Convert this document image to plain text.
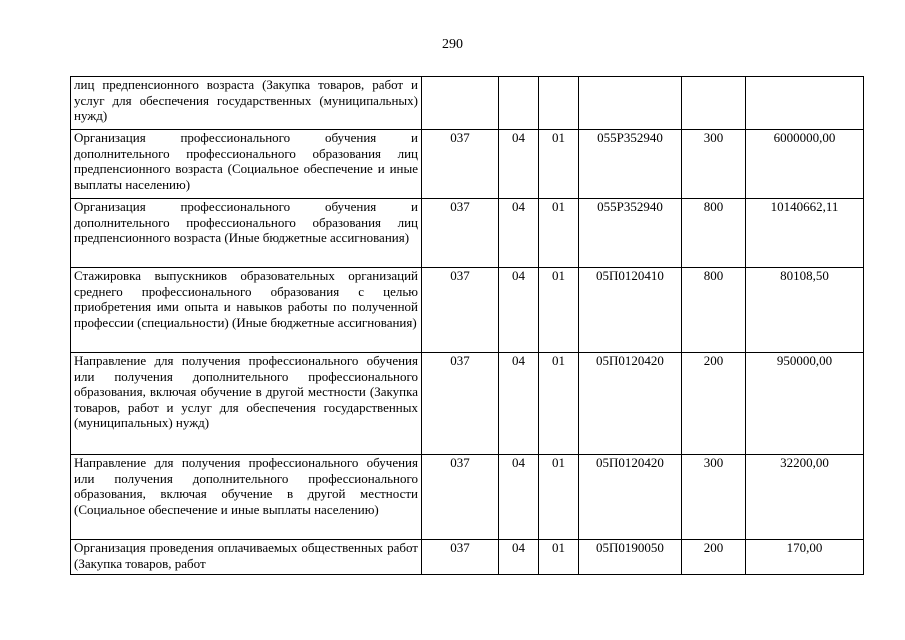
290
лиц предпенсионного возраста (Закупка товаров, работ и услуг для обеспечения государственных (муниципальных) нужд)						
Организация профессионального обучения и дополнительного профессионального образования лиц предпенсионного возраста (Социальное обеспечение и иные выплаты населению)	037	04	01	055P352940	300	6000000,00
Организация профессионального обучения и дополнительного профессионального образования лиц предпенсионного возраста (Иные бюджетные ассигнования)	037	04	01	055P352940	800	10140662,11
Стажировка выпускников образовательных организаций среднего профессионального образования с целью приобретения ими опыта и навыков работы по полученной профессии (специальности) (Иные бюджетные ассигнования)	037	04	01	05П0120410	800	80108,50
Направление для получения профессионального обучения или получения дополнительного профессионального образования, включая обучение в другой местности (Закупка товаров, работ и услуг для обеспечения государственных (муниципальных) нужд)	037	04	01	05П0120420	200	950000,00
Направление для получения профессионального обучения или получения дополнительного профессионального образования, включая обучение в другой местности (Социальное обеспечение и иные выплаты населению)	037	04	01	05П0120420	300	32200,00
Организация проведения оплачиваемых общественных работ (Закупка товаров, работ	037	04	01	05П0190050	200	170,00
